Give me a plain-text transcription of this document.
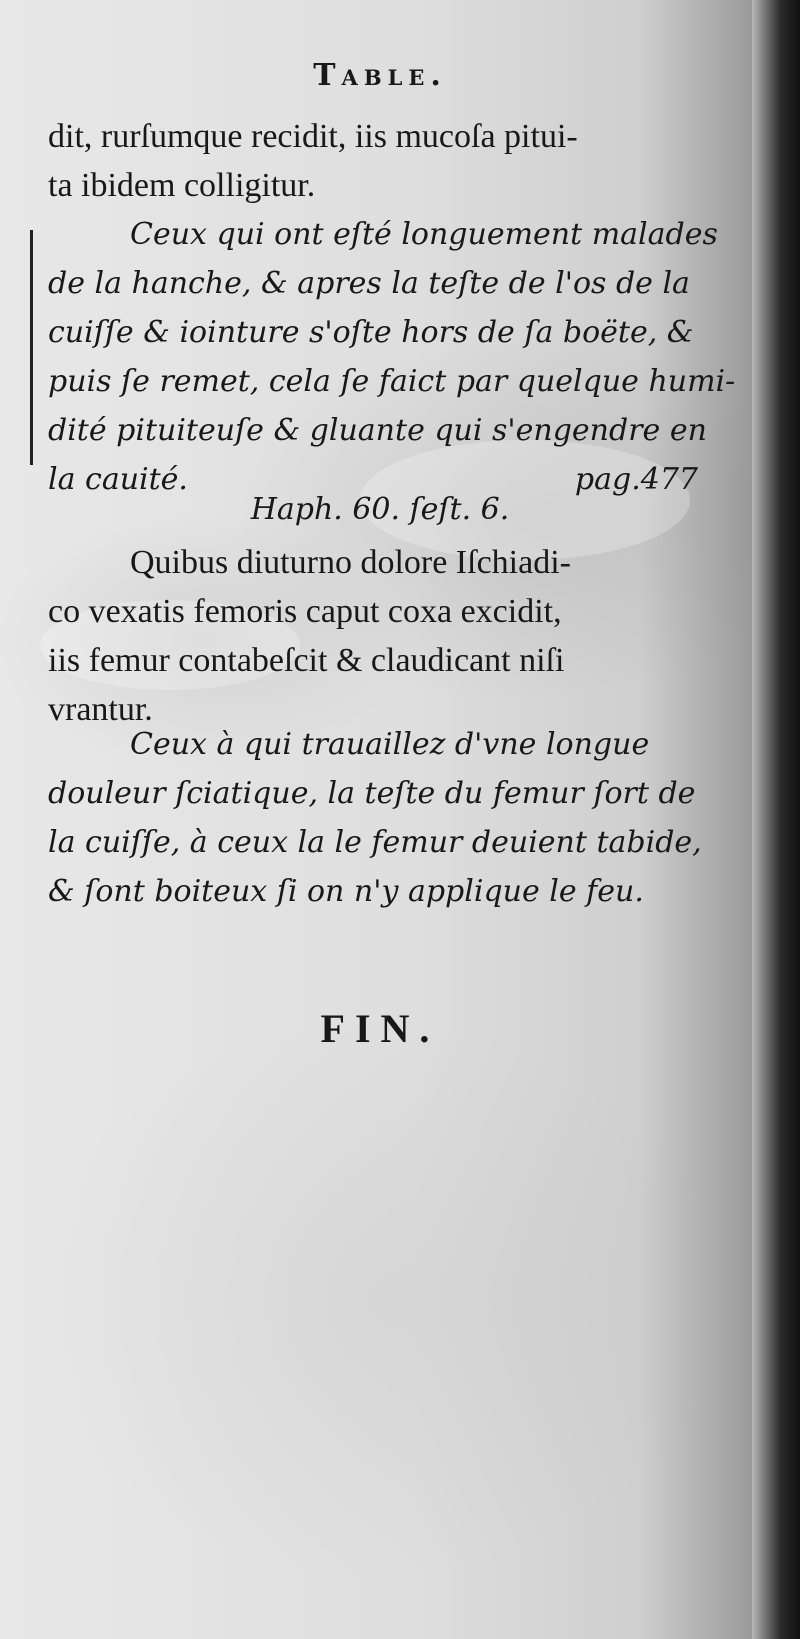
Table.
dit, rurſumque recidit, iis mucoſa pitui-
ta ibidem colligitur.
Ceux qui ont eſté longuement malades
de la hanche, & apres la teſte de l'os de la
cuiſſe & iointure s'oſte hors de ſa boëte, &
puis ſe remet, cela ſe faict par quelque humi-
dité pituiteuſe & gluante qui s'engendre en
la cauité.	pag.477
Haph. 60. ſeſt. 6.
Quibus diuturno dolore Iſchiadi-
co vexatis femoris caput coxa excidit,
iis femur contabeſcit & claudicant niſi
vrantur.
Ceux à qui trauaillez d'vne longue
douleur ſciatique, la teſte du femur ſort de
la cuiſſe, à ceux la le femur deuient tabide,
& ſont boiteux ſi on n'y applique le feu.
FIN.
